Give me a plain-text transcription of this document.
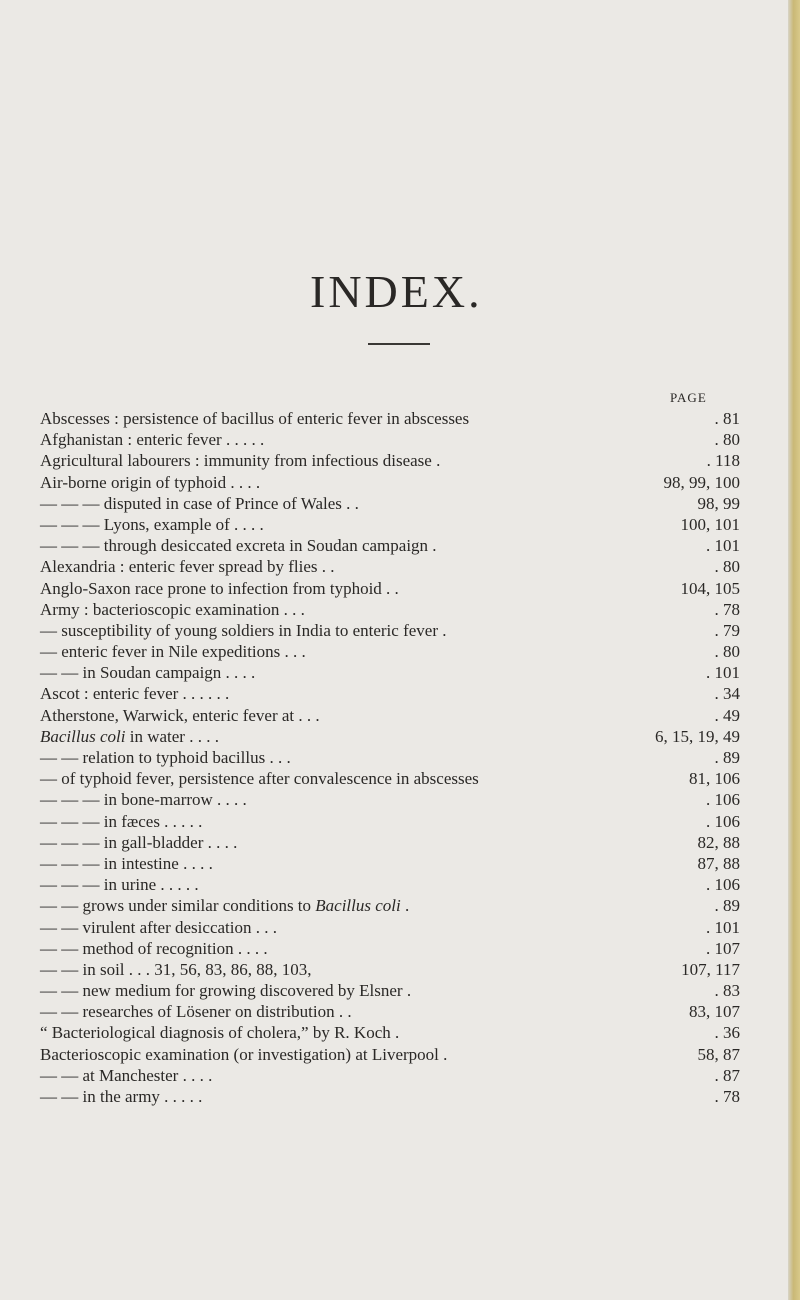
INDEX.
PAGE
Abscesses : persistence of bacillus of enteric fever in abscesses	. 81
Afghanistan : enteric fever . . . . .	. 80
Agricultural labourers : immunity from infectious disease .	. 118
Air-borne origin of typhoid . . . .	98, 99, 100
— — — disputed in case of Prince of Wales . .	98, 99
— — — Lyons, example of . . . .	100, 101
— — — through desiccated excreta in Soudan campaign .	. 101
Alexandria : enteric fever spread by flies . .	. 80
Anglo-Saxon race prone to infection from typhoid . .	104, 105
Army : bacterioscopic examination . . .	. 78
— susceptibility of young soldiers in India to enteric fever .	. 79
— enteric fever in Nile expeditions . . .	. 80
— — in Soudan campaign . . . .	. 101
Ascot : enteric fever . . . . . .	. 34
Atherstone, Warwick, enteric fever at . . .	. 49
Bacillus coli in water . . . .	6, 15, 19, 49
— — relation to typhoid bacillus . . .	. 89
— of typhoid fever, persistence after convalescence in abscesses	81, 106
— — — in bone-marrow . . . .	. 106
— — — in fæces . . . . .	. 106
— — — in gall-bladder . . . .	82, 88
— — — in intestine . . . .	87, 88
— — — in urine . . . . .	. 106
— — grows under similar conditions to Bacillus coli .	. 89
— — virulent after desiccation . . .	. 101
— — method of recognition . . . .	. 107
— — in soil . . . 31, 56, 83, 86, 88, 103,	107, 117
— — new medium for growing discovered by Elsner .	. 83
— — researches of Lösener on distribution . .	83, 107
“ Bacteriological diagnosis of cholera,” by R. Koch .	. 36
Bacterioscopic examination (or investigation) at Liverpool .	58, 87
— — at Manchester . . . .	. 87
— — in the army . . . . .	. 78
